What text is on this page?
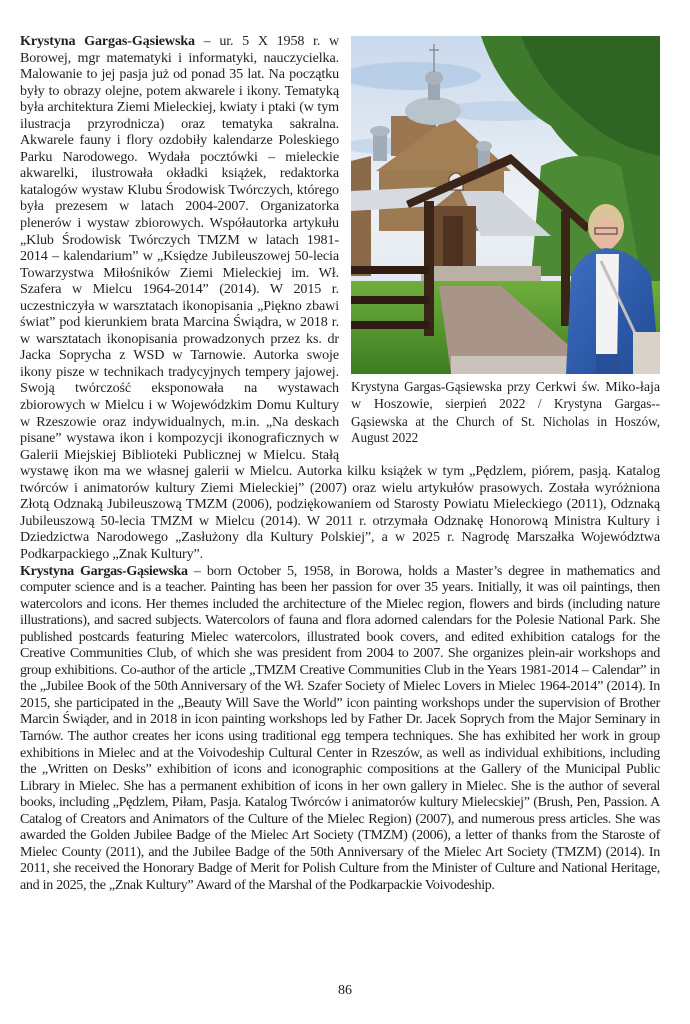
Krystyna Gargas-Gąsiewska przy Cerkwi św. Miko-łaja w Hoszowie, sierpień 2022 / Krystyna Gargas--Gąsiewska at the Church of St. Nicholas in Hoszów, August 2022

Krystyna Gargas-Gąsiewska – ur. 5 X 1958 r. w Borowej, mgr matematyki i informatyki, nauczycielka. Malowanie to jej pasja już od ponad 35 lat. Na początku były to obrazy olejne, potem akwarele i ikony. Tematyką była architektura Ziemi Mieleckiej, kwiaty i ptaki (w tym ilustracja przyrodnicza) oraz tematyka sakralna. Akwarele fauny i flory ozdobiły kalendarze Poleskiego Parku Narodowego. Wydała pocztówki – mieleckie akwarelki, ilustrowała okładki książek, redaktorka katalogów wystaw Klubu Środowisk Twórczych, którego była prezesem w latach 2004-2007. Organizatorka plenerów i wystaw zbiorowych. Współautorka artykułu „Klub Środowisk Twórczych TMZM w latach 1981-2014 – kalendarium” w „Księdze Jubileuszowej 50-lecia Towarzystwa Miłośników Ziemi Mieleckiej im. Wł. Szafera w Mielcu 1964-2014” (2014). W 2015 r. uczestniczyła w warsztatach ikonopisania „Piękno zbawi świat” pod kierunkiem brata Marcina Świądra, w 2018 r. w warsztatach ikonopisania prowadzonych przez ks. dr Jacka Soprycha z WSD w Tarnowie. Autorka swoje ikony pisze w technikach tradycyjnych tempery jajowej. Swoją twórczość eksponowała na wystawach zbiorowych w Mielcu i w Wojewódzkim Domu Kultury w Rzeszowie oraz indywidualnych, m.in. „Na deskach pisane” wystawa ikon i kompozycji ikonograficznych w Galerii Miejskiej Biblioteki Publicznej w Mielcu. Stałą wystawę ikon ma we własnej galerii w Mielcu. Autorka kilku książek w tym „Pędzlem, piórem, pasją. Katalog twórców i animatorów kultury Ziemi Mieleckiej” (2007) oraz wielu artykułów prasowych. Została wyróżniona Złotą Odznaką Jubileuszową TMZM (2006), podziękowaniem od Starosty Powiatu Mieleckiego (2011), Odznaką Jubileuszową 50-lecia TMZM w Mielcu (2014). W 2011 r. otrzymała Odznakę Honorową Ministra Kultury i Dziedzictwa Narodowego „Zasłużony dla Kultury Polskiej”, a w 2025 r. Nagrodę Marszałka Województwa Podkarpackiego „Znak Kultury”.

Krystyna Gargas-Gąsiewska – born October 5, 1958, in Borowa, holds a Master’s degree in mathematics and computer science and is a teacher. Painting has been her passion for over 35 years. Initially, it was oil paintings, then watercolors and icons. Her themes included the architecture of the Mielec region, flowers and birds (including nature illustrations), and sacred subjects. Watercolors of fauna and flora adorned calendars for the Polesie National Park. She published postcards featuring Mielec watercolors, illustrated book covers, and edited exhibition catalogs for the Creative Communities Club, of which she was president from 2004 to 2007. She organizes plein-air workshops and group exhibitions. Co-author of the article „TMZM Creative Communities Club in the Years 1981-2014 – Calendar” in the „Jubilee Book of the 50th Anniversary of the Wł. Szafer Society of Mielec Lovers in Mielec 1964-2014” (2014). In 2015, she participated in the „Beauty Will Save the World” icon painting workshops under the supervision of Brother Marcin Świąder, and in 2018 in icon painting workshops led by Father Dr. Jacek Soprych from the Major Seminary in Tarnów. The author creates her icons using traditional egg tempera techniques. She has exhibited her work in group exhibitions in Mielec and at the Voivodeship Cultural Center in Rzeszów, as well as individual exhibitions, including the „Written on Desks” exhibition of icons and iconographic compositions at the Gallery of the Municipal Public Library in Mielec. She has a permanent exhibition of icons in her own gallery in Mielec. She is the author of several books, including „Pędzlem, Piłam, Pasja. Katalog Twórców i animatorów kultury Mielecskiej” (Brush, Pen, Passion. A Catalog of Creators and Animators of the Culture of the Mielec Region) (2007), and numerous press articles. She was awarded the Golden Jubilee Badge of the Mielec Art Society (TMZM) (2006), a letter of thanks from the Staroste of Mielec County (2011), and the Jubilee Badge of the 50th Anniversary of the Mielec Art Society (TMZM) (2014). In 2011, she received the Honorary Badge of Merit for Polish Culture from the Minister of Culture and National Heritage, and in 2025, the „Znak Kultury” Award of the Marshal of the Podkarpackie Voivodeship.

86
